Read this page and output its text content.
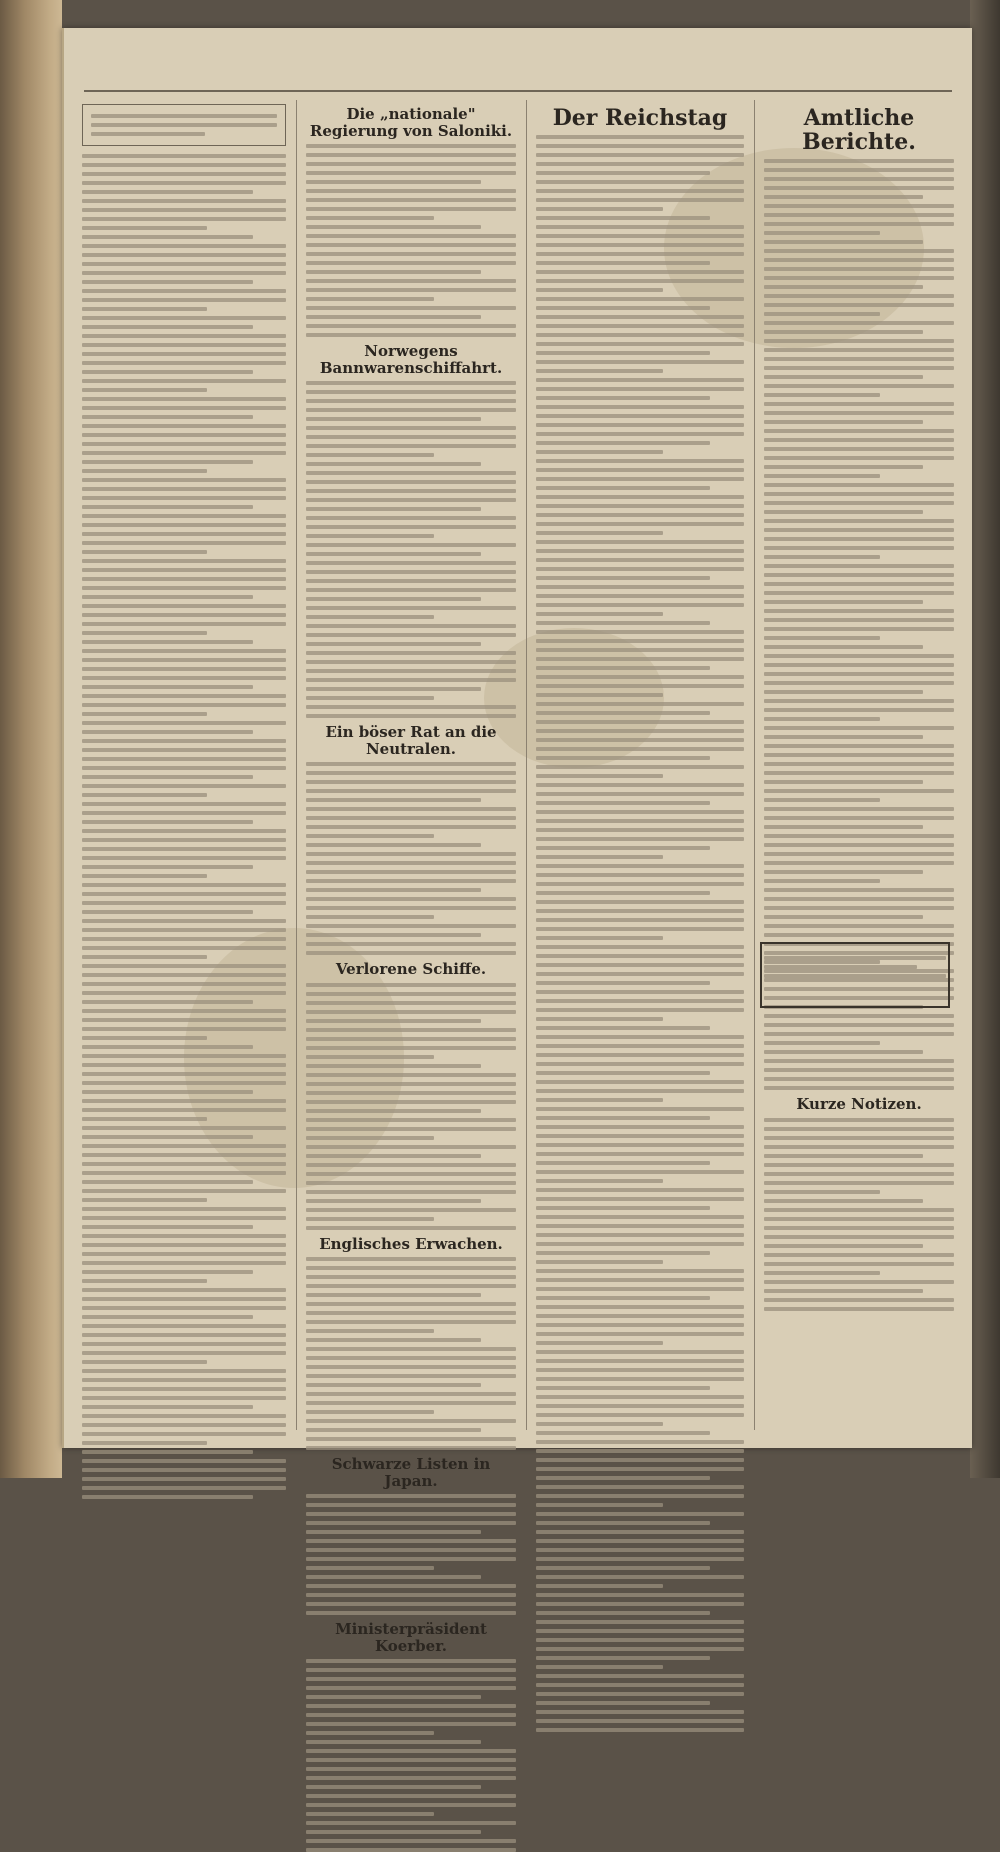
Die „nationale" Regierung von Saloniki.
Norwegens Bannwarenschiffahrt.
Ein böser Rat an die Neutralen.
Verlorene Schiffe.
Englisches Erwachen.
Schwarze Listen in Japan.
Ministerpräsident Koerber.
Der Reichstag	Amtliche Berichte.
Kurze Notizen.
